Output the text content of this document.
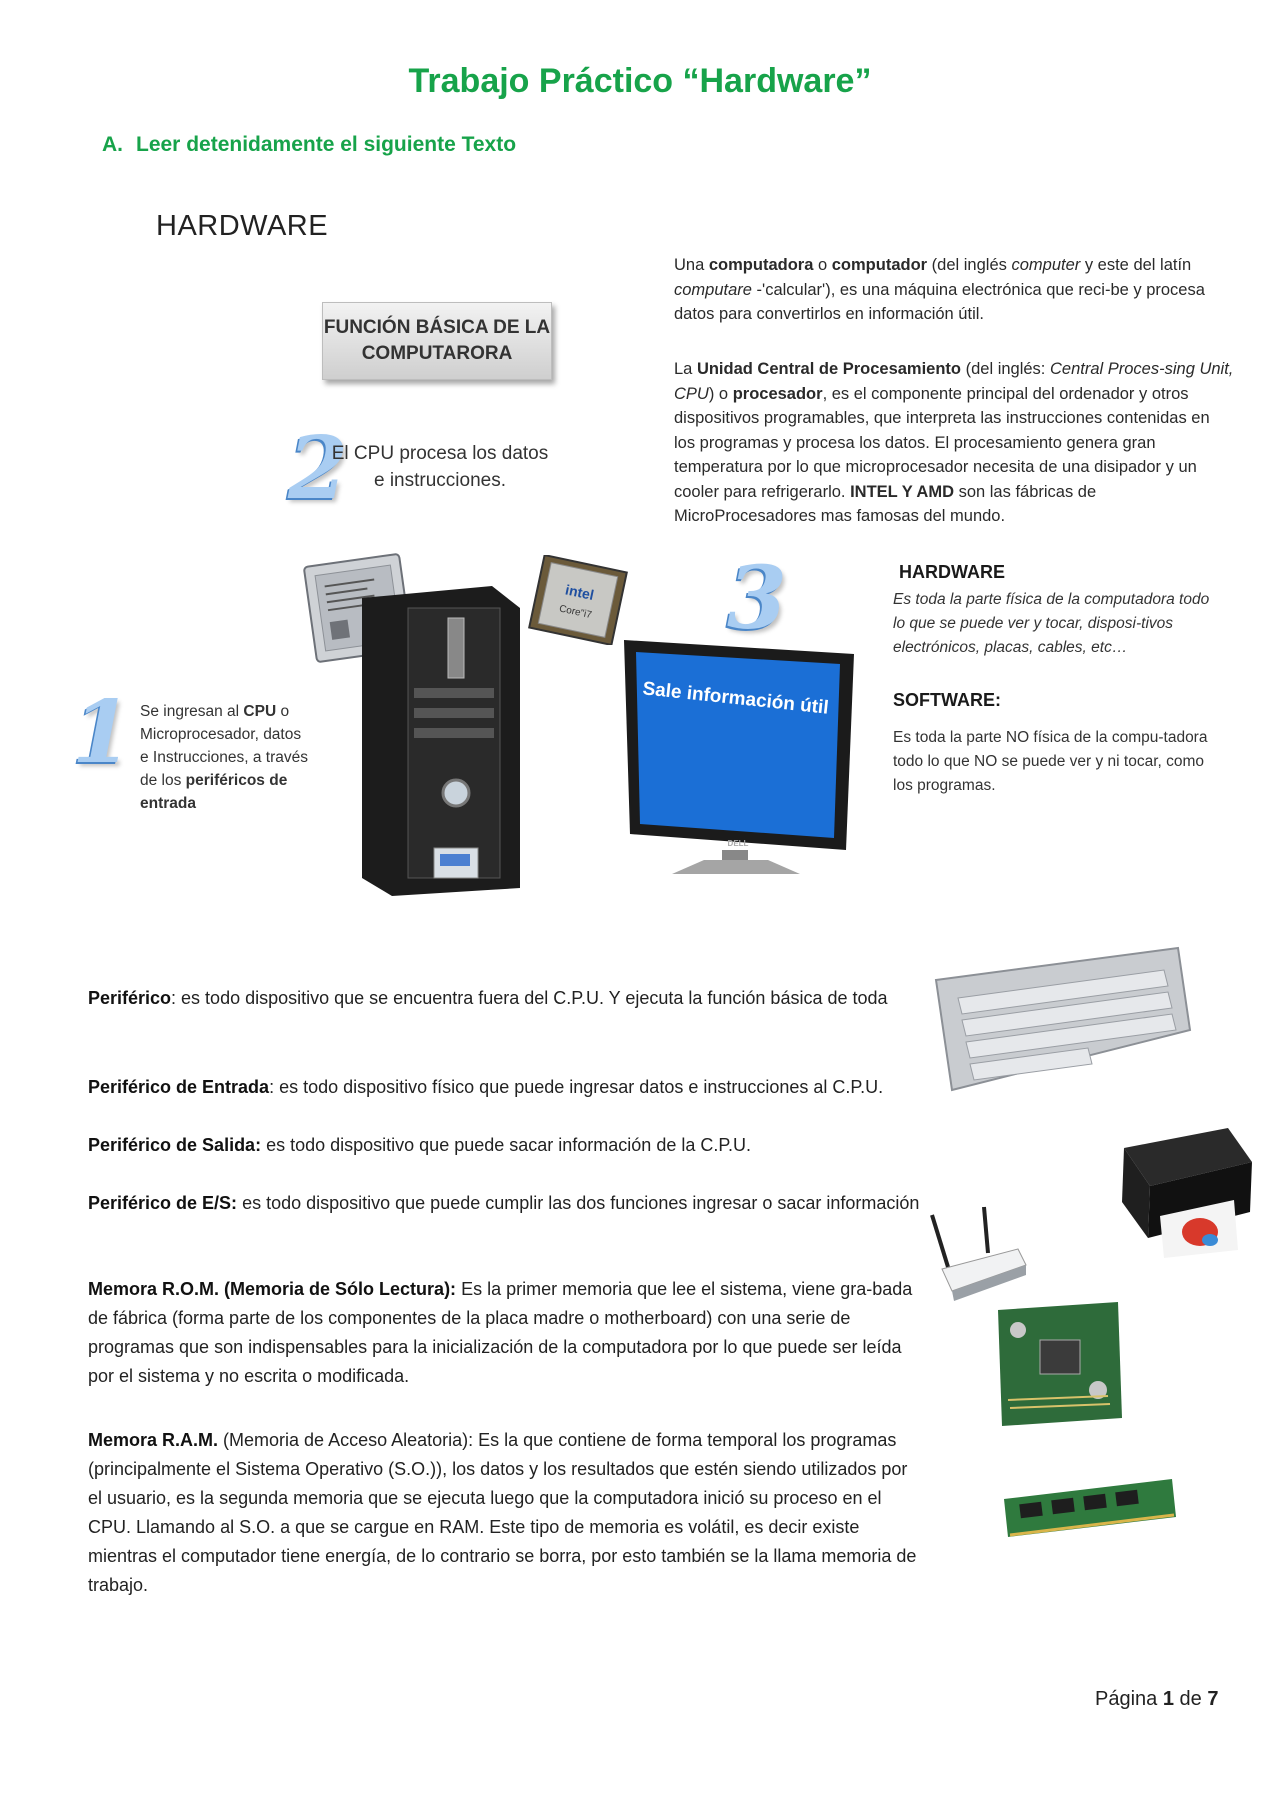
Trabajo Práctico “Hardware”
A. Leer detenidamente el siguiente Texto
HARDWARE
FUNCIÓN BÁSICA DE LA
COMPUTARORA
2
El CPU procesa los datos e instrucciones.
Una computadora o computador (del inglés computer y este del latín computare -'calcular'), es una máquina electrónica que reci-be y procesa datos para convertirlos en información útil.
La Unidad Central de Procesamiento (del inglés: Central Proces-sing Unit, CPU) o procesador, es el componente principal del ordenador y otros dispositivos programables, que interpreta las instrucciones contenidas en los programas y procesa los datos. El procesamiento genera gran temperatura por lo que microprocesador necesita de una disipador y un cooler para refrigerarlo. INTEL Y AMD son las fábricas de MicroProcesadores mas famosas del mundo.
intel
Core"i7
Sale información útil
DELL
3	HARDWARE
Es toda la parte física de la computadora todo lo que se puede ver y tocar, disposi-tivos electrónicos, placas, cables, etc…
SOFTWARE:
Es toda la parte NO física de la compu-tadora todo lo que NO se puede ver y ni tocar, como los programas.
1 Se ingresan al CPU o Microprocesador, datos e Instrucciones, a través de los periféricos de entrada
Periférico: es todo dispositivo que se encuentra fuera del C.P.U. Y ejecuta la función básica de toda
Periférico de Entrada: es todo dispositivo físico que puede ingresar datos e instrucciones al C.P.U.
Periférico de Salida: es todo dispositivo que puede sacar información de la C.P.U.
Periférico de E/S: es todo dispositivo que puede cumplir las dos funciones ingresar o sacar información
Memora R.O.M. (Memoria de Sólo Lectura): Es la primer memoria que lee el sistema, viene gra-bada de fábrica (forma parte de los componentes de la placa madre o motherboard) con una serie de programas que son indispensables para la inicialización de la computadora por lo que puede ser leída por el sistema y no escrita o modificada.
Memora R.A.M. (Memoria de Acceso Aleatoria): Es la que contiene de forma temporal los programas (principalmente el Sistema Operativo (S.O.)), los datos y los resultados que estén siendo utilizados por el usuario, es la segunda memoria que se ejecuta luego que la computadora inició su proceso en el CPU. Llamando al S.O. a que se cargue en RAM. Este tipo de memoria es volátil, es decir existe mientras el computador tiene energía, de lo contrario se borra, por esto también se la llama memoria de trabajo.
Página 1 de 7
